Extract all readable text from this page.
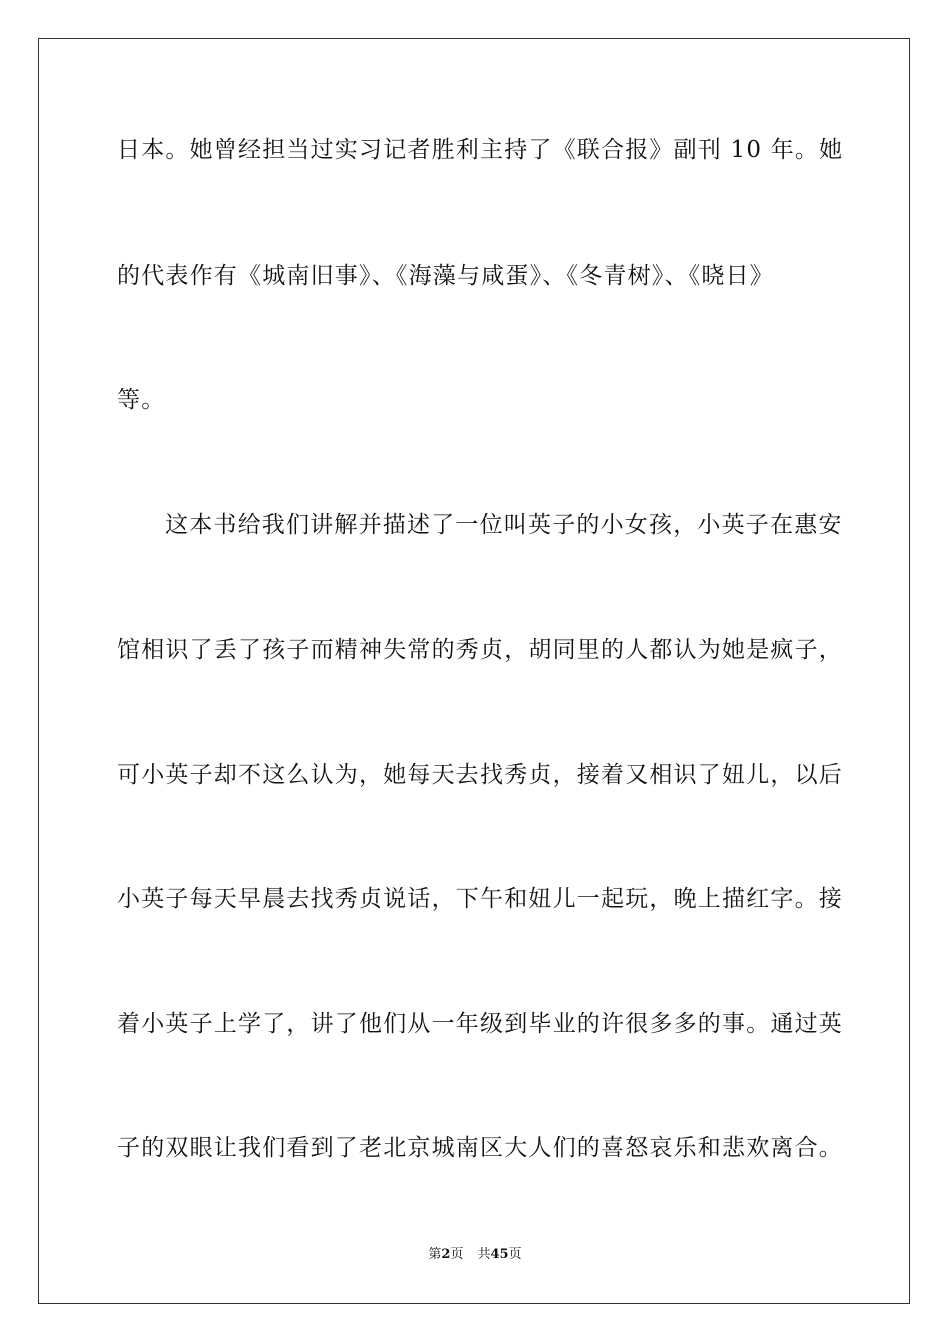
日本。她曾经担当过实习记者胜利主持了《联合报》副刊 10 年。她
的代表作有《城南旧事》、《海藻与咸蛋》、《冬青树》、《晓日》
等。
这本书给我们讲解并描述了一位叫英子的小女孩，小英子在惠安
馆相识了丢了孩子而精神失常的秀贞，胡同里的人都认为她是疯子，
可小英子却不这么认为，她每天去找秀贞，接着又相识了妞儿，以后
小英子每天早晨去找秀贞说话，下午和妞儿一起玩，晚上描红字。接
着小英子上学了，讲了他们从一年级到毕业的许很多多的事。通过英
子的双眼让我们看到了老北京城南区大人们的喜怒哀乐和悲欢离合。
第2页 共45页
